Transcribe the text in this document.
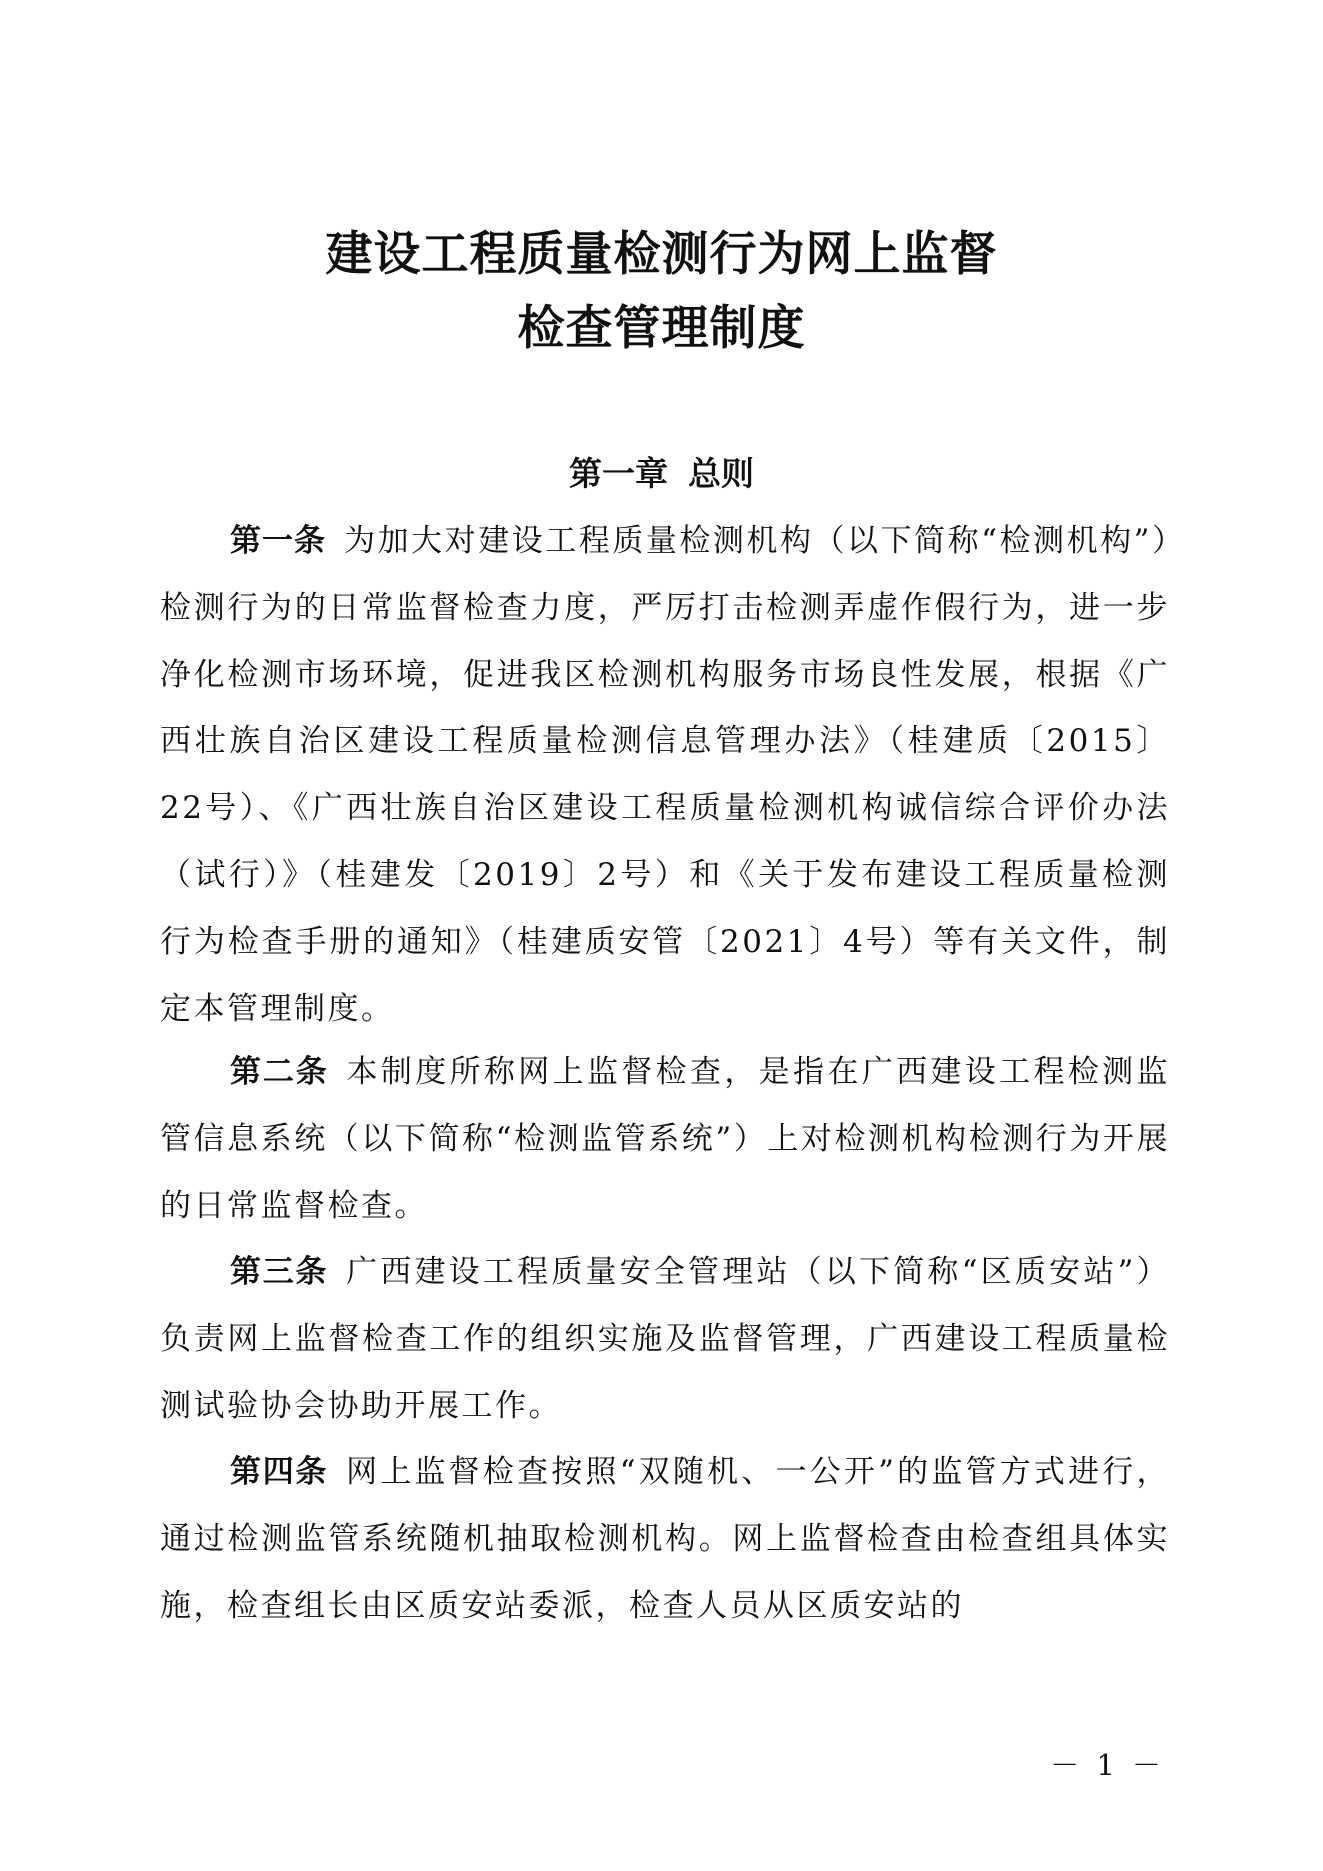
建设工程质量检测行为网上监督
检查管理制度
第一章 总则
第一条 为加大对建设工程质量检测机构（以下简称“检测机构”）检测行为的日常监督检查力度，严厉打击检测弄虚作假行为，进一步净化检测市场环境，促进我区检测机构服务市场良性发展，根据《广西壮族自治区建设工程质量检测信息管理办法》（桂建质〔2015〕22号）、《广西壮族自治区建设工程质量检测机构诚信综合评价办法（试行）》（桂建发〔2019〕2号）和《关于发布建设工程质量检测行为检查手册的通知》（桂建质安管〔2021〕4号）等有关文件，制定本管理制度。
第二条 本制度所称网上监督检查，是指在广西建设工程检测监管信息系统（以下简称“检测监管系统”）上对检测机构检测行为开展的日常监督检查。
第三条 广西建设工程质量安全管理站（以下简称“区质安站”）负责网上监督检查工作的组织实施及监督管理，广西建设工程质量检测试验协会协助开展工作。
第四条 网上监督检查按照“双随机、一公开”的监管方式进行，通过检测监管系统随机抽取检测机构。网上监督检查由检查组具体实施，检查组长由区质安站委派，检查人员从区质安站的
－ 1 －
